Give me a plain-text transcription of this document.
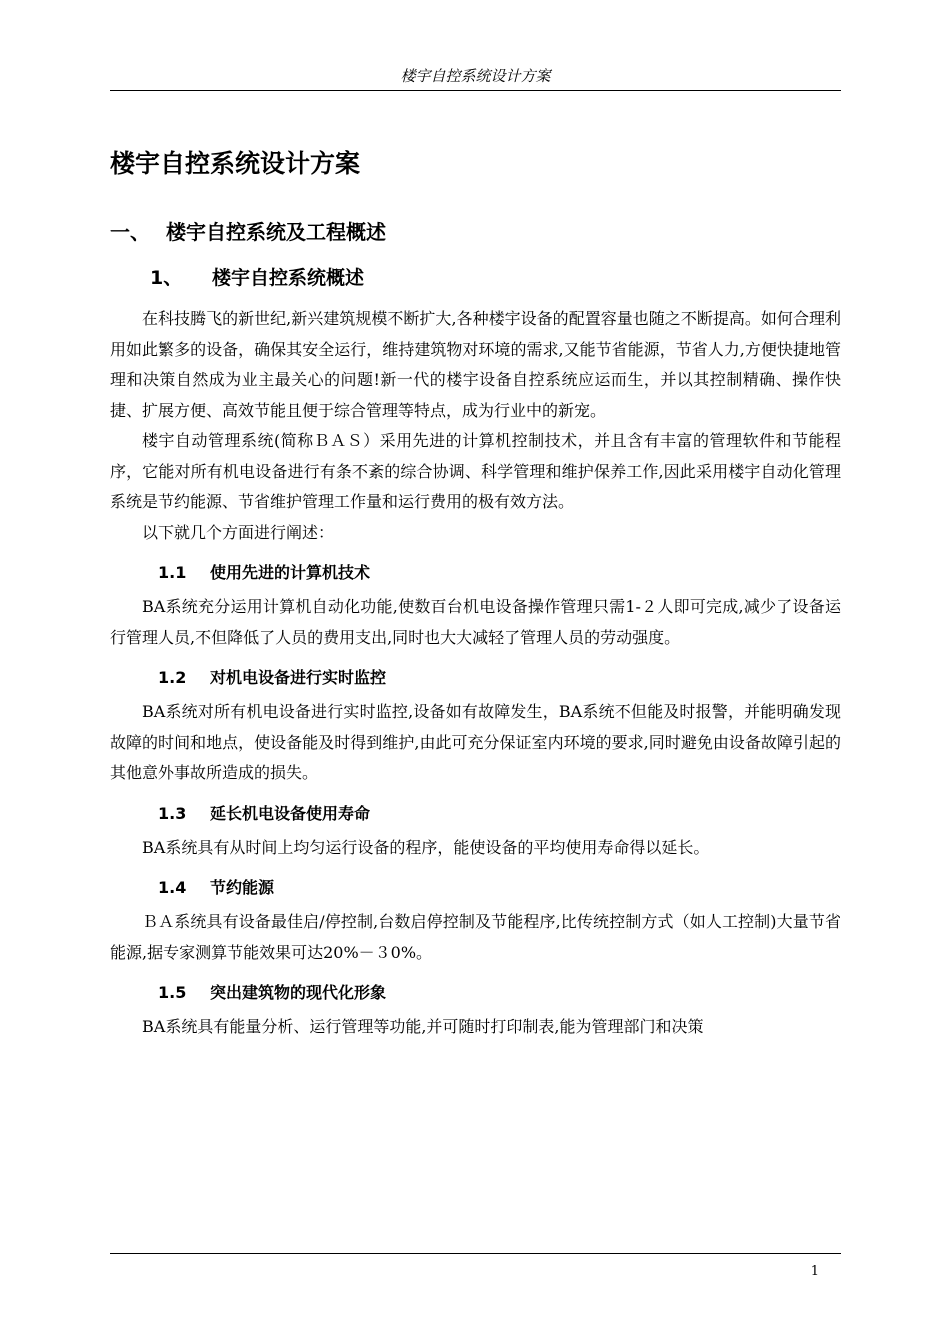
楼宇自控系统设计方案
楼宇自控系统设计方案
一、 楼宇自控系统及工程概述
1、 楼宇自控系统概述

在科技腾飞的新世纪,新兴建筑规模不断扩大,各种楼宇设备的配置容量也随之不断提高。如何合理利用如此繁多的设备，确保其安全运行，维持建筑物对环境的需求,又能节省能源，节省人力,方便快捷地管理和决策自然成为业主最关心的问题!新一代的楼宇设备自控系统应运而生，并以其控制精确、操作快捷、扩展方便、高效节能且便于综合管理等特点，成为行业中的新宠。

楼宇自动管理系统(简称ＢＡＳ）采用先进的计算机控制技术，并且含有丰富的管理软件和节能程序，它能对所有机电设备进行有条不紊的综合协调、科学管理和维护保养工作,因此采用楼宇自动化管理系统是节约能源、节省维护管理工作量和运行费用的极有效方法。

以下就几个方面进行阐述：

1.1 使用先进的计算机技术

BA系统充分运用计算机自动化功能,使数百台机电设备操作管理只需1-２人即可完成,减少了设备运行管理人员,不但降低了人员的费用支出,同时也大大减轻了管理人员的劳动强度。

1.2 对机电设备进行实时监控

BA系统对所有机电设备进行实时监控,设备如有故障发生，BA系统不但能及时报警，并能明确发现故障的时间和地点，使设备能及时得到维护,由此可充分保证室内环境的要求,同时避免由设备故障引起的其他意外事故所造成的损失。

1.3 延长机电设备使用寿命

BA系统具有从时间上均匀运行设备的程序，能使设备的平均使用寿命得以延长。

1.4 节约能源

ＢＡ系统具有设备最佳启/停控制,台数启停控制及节能程序,比传统控制方式（如人工控制)大量节省能源,据专家测算节能效果可达20%－３0%。

1.5 突出建筑物的现代化形象

BA系统具有能量分析、运行管理等功能,并可随时打印制表,能为管理部门和决策

1
